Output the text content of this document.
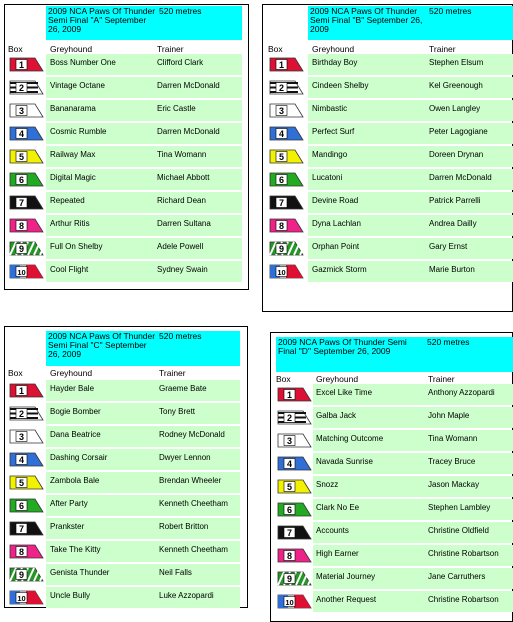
2009 NCA Paws Of Thunder Semi Final "A" September 26, 2009
520 metres
Box	Greyhound	Trainer
1	Boss Number One	Clifford Clark
2	Vintage Octane	Darren McDonald
3	Bananarama	Eric Castle
4	Cosmic Rumble	Darren McDonald
5	Railway Max	Tina Womann
6	Digital Magic	Michael Abbott
7	Repeated	Richard Dean
8	Arthur Ritis	Darren Sultana
9	Full On Shelby	Adele Powell
10	Cool Flight	Sydney Swain
2009 NCA Paws Of Thunder Semi Final "B" September 26, 2009
520 metres
Box	Greyhound	Trainer
1	Birthday Boy	Stephen Elsum
2	Cindeen Shelby	Kel Greenough
3	Nimbastic	Owen Langley
4	Perfect Surf	Peter Lagogiane
5	Mandingo	Doreen Drynan
6	Lucatoni	Darren McDonald
7	Devine Road	Patrick Parrelli
8	Dyna Lachlan	Andrea Dailly
9	Orphan Point	Gary Ernst
10	Gazmick Storm	Marie Burton
2009 NCA Paws Of Thunder Semi Final "C" September 26, 2009
520 metres
Box	Greyhound	Trainer
1	Hayder Bale	Graeme Bate
2	Bogie Bomber	Tony Brett
3	Dana Beatrice	Rodney McDonald
4	Dashing Corsair	Dwyer Lennon
5	Zambola Bale	Brendan Wheeler
6	After Party	Kenneth Cheetham
7	Prankster	Robert Britton
8	Take The Kitty	Kenneth Cheetham
9	Genista Thunder	Neil Falls
10	Uncle Bully	Luke Azzopardi
2009 NCA Paws Of Thunder Semi Final "D" September 26, 2009
520 metres
Box	Greyhound	Trainer
1	Excel Like Time	Anthony Azzopardi
2	Galba Jack	John Maple
3	Matching Outcome	Tina Womann
4	Navada Sunrise	Tracey Bruce
5	Snozz	Jason Mackay
6	Clark No Ee	Stephen Lambley
7	Accounts	Christine Oldfield
8	High Earner	Christine Robartson
9	Material Journey	Jane Carruthers
10	Another Request	Christine Robartson
